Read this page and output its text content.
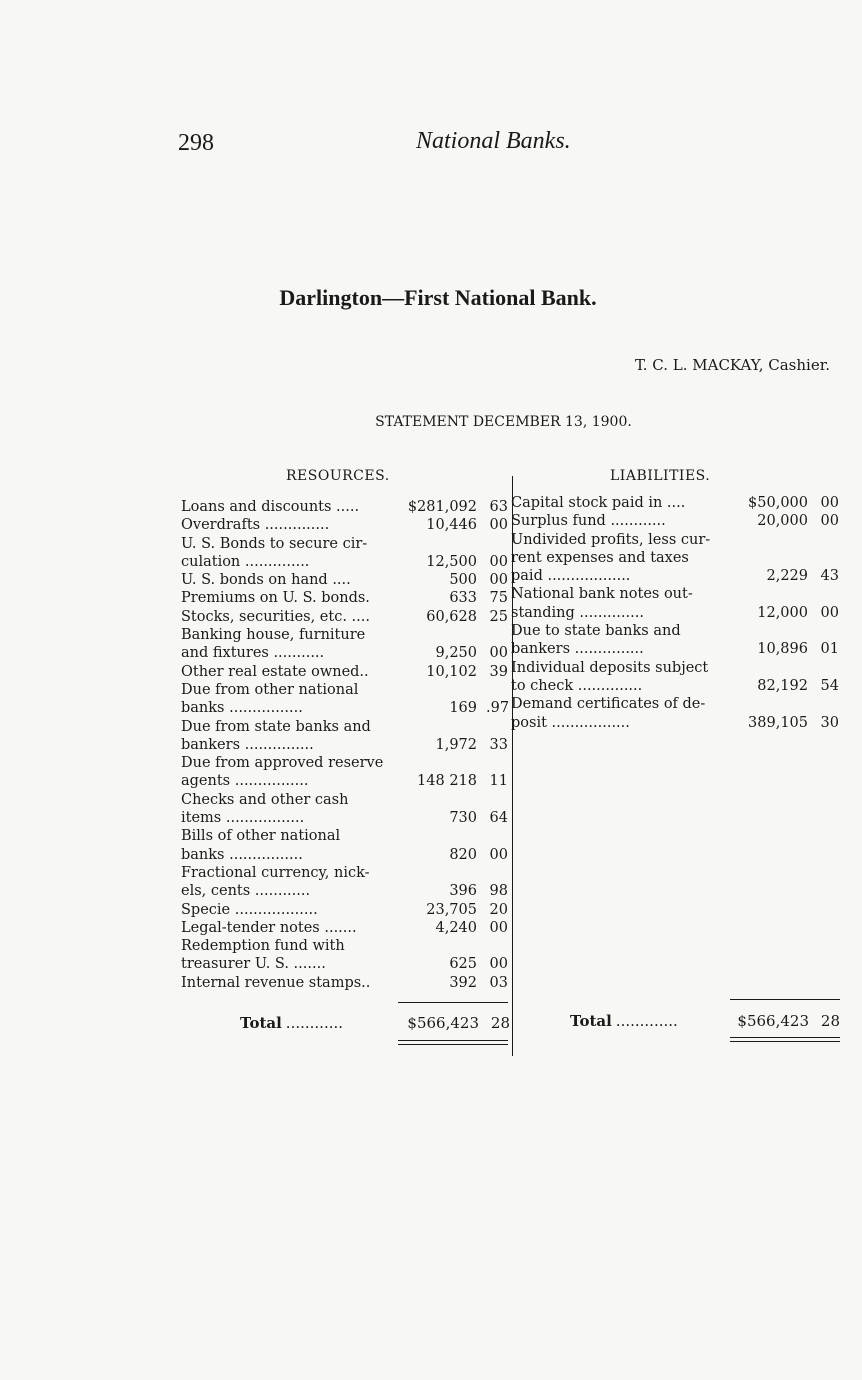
298	National Banks.
Darlington—First National Bank.
T. C. L. MACKAY, Cashier.
STATEMENT DECEMBER 13, 1900.
RESOURCES.	LIABILITIES.
Loans and discounts .....	$281,092 63
Overdrafts ..............	10,446 00
U. S. Bonds to secure cir-
culation ..............	12,500 00
U. S. bonds on hand ....	500 00
Premiums on U. S. bonds.	633 75
Stocks, securities, etc. ....	60,628 25
Banking house, furniture
and fixtures ...........	9,250 00
Other real estate owned..	10,102 39
Due from other national
banks ................	169 .97
Due from state banks and
bankers ...............	1,972 33
Due from approved reserve
agents ................	148 218 11
Checks and other cash
items .................	730 64
Bills of other national
banks ................	820 00
Fractional currency, nick-
els, cents ............	396 98
Specie ..................	23,705 20
Legal-tender notes .......	4,240 00
Redemption fund with
treasurer U. S. .......	625 00
Internal revenue stamps..	392 03
Capital stock paid in ....	$50,000 00
Surplus fund ............	20,000 00
Undivided profits, less cur-
rent expenses and taxes
paid ..................	2,229 43
National bank notes out-
standing ..............	12,000 00
Due to state banks and
bankers ...............	10,896 01
Individual deposits subject
to check ..............	82,192 54
Demand certificates of de-
posit .................	389,105 30
Total ............	$566,423 28	Total .............	$566,423 28
